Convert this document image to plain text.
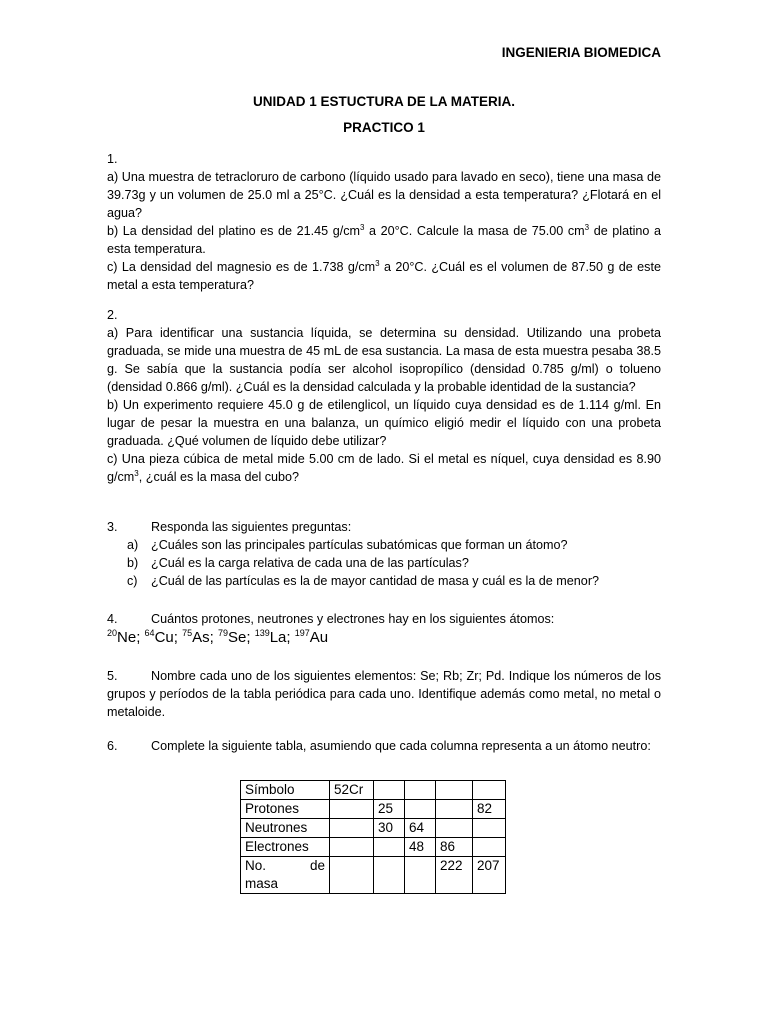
INGENIERIA BIOMEDICA
UNIDAD 1 ESTUCTURA DE LA MATERIA.
PRACTICO 1

1.

a) Una muestra de tetracloruro de carbono (líquido usado para lavado en seco), tiene una masa de 39.73g y un volumen de 25.0 ml a 25°C. ¿Cuál es la densidad a esta temperatura? ¿Flotará en el agua?

b) La densidad del platino es de 21.45 $g/cm^3$ a 20°C. Calcule la masa de 75.00 $cm^3$ de platino a esta temperatura.

c) La densidad del magnesio es de 1.738 $g/cm^3$ a 20°C. ¿Cuál es el volumen de 87.50 g de este metal a esta temperatura?

2.

a) Para identificar una sustancia líquida, se determina su densidad. Utilizando una probeta graduada, se mide una muestra de 45 mL de esa sustancia. La masa de esta muestra pesaba 38.5 g. Se sabía que la sustancia podía ser alcohol isopropílico (densidad 0.785 g/ml) o tolueno (densidad 0.866 g/ml). ¿Cuál es la densidad calculada y la probable identidad de la sustancia?

b) Un experimento requiere 45.0 g de etilenglicol, un líquido cuya densidad es de 1.114 g/ml. En lugar de pesar la muestra en una balanza, un químico eligió medir el líquido con una probeta graduada. ¿Qué volumen de líquido debe utilizar?

c) Una pieza cúbica de metal mide 5.00 cm de lado. Si el metal es níquel, cuya densidad es 8.90 $g/cm^3$, ¿cuál es la masa del cubo?

3.	Responda las siguientes preguntas:
a)	¿Cuáles son las principales partículas subatómicas que forman un átomo?
b)	¿Cuál es la carga relativa de cada una de las partículas?
c)	¿Cuál de las partículas es la de mayor cantidad de masa y cuál es la de menor?
4.	Cuántos protones, neutrones y electrones hay en los siguientes átomos:
$^{20}$Ne; $^{64}$Cu; $^{75}$As; $^{79}$Se; $^{139}$La; $^{197}$Au

5.	Nombre cada uno de los siguientes elementos: Se; Rb; Zr; Pd. Indique los números de los grupos y períodos de la tabla periódica para cada uno. Identifique además como metal, no metal o metaloide.

6.	Complete la siguiente tabla, asumiendo que cada columna representa a un átomo neutro:
Símbolo	52Cr				
Protones		25			82
Neutrones		30	64		
Electrones			48	86	

No. de
masa				222	207
